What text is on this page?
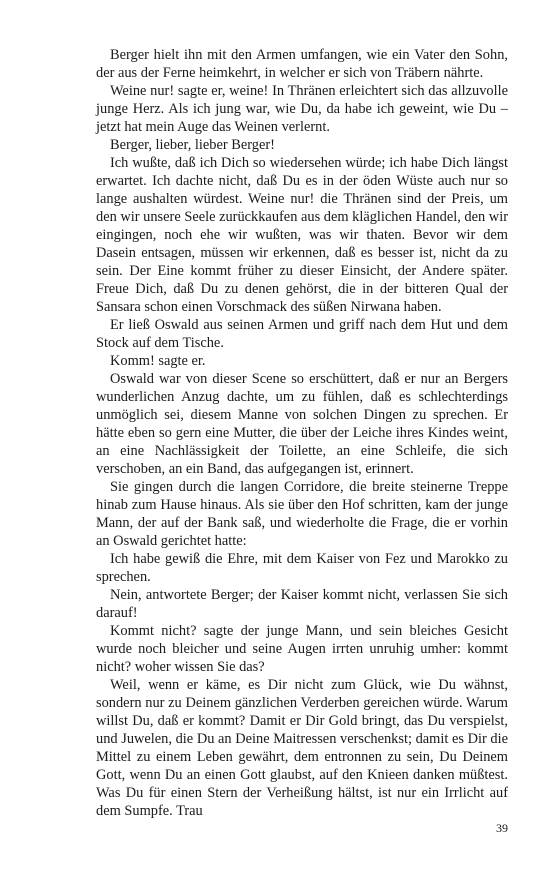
Berger hielt ihn mit den Armen umfangen, wie ein Vater den Sohn, der aus der Ferne heimkehrt, in welcher er sich von Träbern nährte.

Weine nur! sagte er, weine! In Thränen erleichtert sich das allzuvolle junge Herz. Als ich jung war, wie Du, da habe ich geweint, wie Du – jetzt hat mein Auge das Weinen verlernt.

Berger, lieber, lieber Berger!

Ich wußte, daß ich Dich so wiedersehen würde; ich habe Dich längst erwartet. Ich dachte nicht, daß Du es in der öden Wüste auch nur so lange aushalten würdest. Weine nur! die Thränen sind der Preis, um den wir unsere Seele zurückkaufen aus dem kläglichen Handel, den wir eingingen, noch ehe wir wußten, was wir thaten. Bevor wir dem Dasein entsagen, müssen wir erkennen, daß es besser ist, nicht da zu sein. Der Eine kommt früher zu dieser Einsicht, der Andere später. Freue Dich, daß Du zu denen gehörst, die in der bitteren Qual der Sansara schon einen Vorschmack des süßen Nirwana haben.

Er ließ Oswald aus seinen Armen und griff nach dem Hut und dem Stock auf dem Tische.

Komm! sagte er.

Oswald war von dieser Scene so erschüttert, daß er nur an Bergers wunderlichen Anzug dachte, um zu fühlen, daß es schlechterdings unmöglich sei, diesem Manne von solchen Dingen zu sprechen. Er hätte eben so gern eine Mutter, die über der Leiche ihres Kindes weint, an eine Nachlässigkeit der Toilette, an eine Schleife, die sich verschoben, an ein Band, das aufgegangen ist, erinnert.

Sie gingen durch die langen Corridore, die breite steinerne Treppe hinab zum Hause hinaus. Als sie über den Hof schritten, kam der junge Mann, der auf der Bank saß, und wiederholte die Frage, die er vorhin an Oswald gerichtet hatte:

Ich habe gewiß die Ehre, mit dem Kaiser von Fez und Marokko zu sprechen.

Nein, antwortete Berger; der Kaiser kommt nicht, verlassen Sie sich darauf!

Kommt nicht? sagte der junge Mann, und sein bleiches Gesicht wurde noch bleicher und seine Augen irrten unruhig umher: kommt nicht? woher wissen Sie das?

Weil, wenn er käme, es Dir nicht zum Glück, wie Du wähnst, sondern nur zu Deinem gänzlichen Verderben gereichen würde. Warum willst Du, daß er kommt? Damit er Dir Gold bringt, das Du verspielst, und Juwelen, die Du an Deine Maitressen verschenkst; damit es Dir die Mittel zu einem Leben gewährt, dem entronnen zu sein, Du Deinem Gott, wenn Du an einen Gott glaubst, auf den Knieen danken müßtest. Was Du für einen Stern der Verheißung hältst, ist nur ein Irrlicht auf dem Sumpfe. Trau

39
